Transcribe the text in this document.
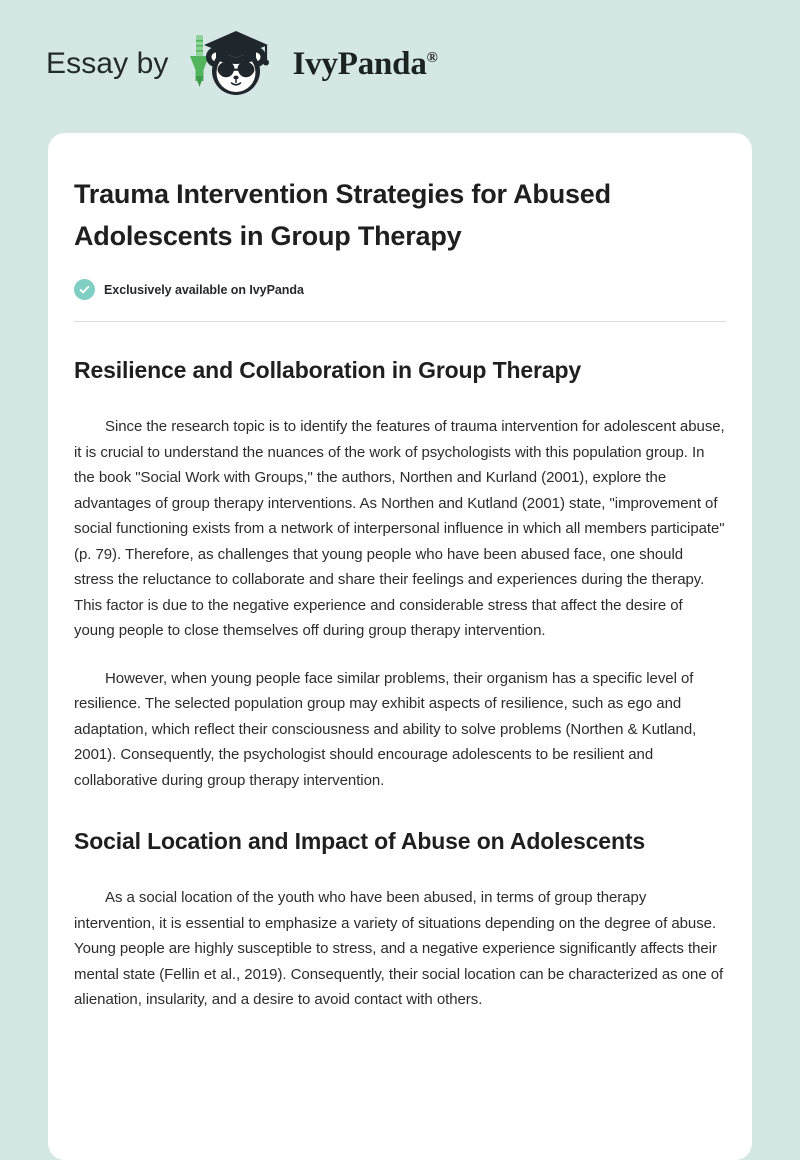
Essay by	IvyPanda®
Trauma Intervention Strategies for Abused Adolescents in Group Therapy
Exclusively available on IvyPanda
Resilience and Collaboration in Group Therapy

Since the research topic is to identify the features of trauma intervention for adolescent abuse, it is crucial to understand the nuances of the work of psychologists with this population group. In the book "Social Work with Groups," the authors, Northen and Kurland (2001), explore the advantages of group therapy interventions. As Northen and Kutland (2001) state, "improvement of social functioning exists from a network of interpersonal influence in which all members participate" (p. 79). Therefore, as challenges that young people who have been abused face, one should stress the reluctance to collaborate and share their feelings and experiences during the therapy. This factor is due to the negative experience and considerable stress that affect the desire of young people to close themselves off during group therapy intervention.

However, when young people face similar problems, their organism has a specific level of resilience. The selected population group may exhibit aspects of resilience, such as ego and adaptation, which reflect their consciousness and ability to solve problems (Northen & Kutland, 2001). Consequently, the psychologist should encourage adolescents to be resilient and collaborative during group therapy intervention.

Social Location and Impact of Abuse on Adolescents

As a social location of the youth who have been abused, in terms of group therapy intervention, it is essential to emphasize a variety of situations depending on the degree of abuse. Young people are highly susceptible to stress, and a negative experience significantly affects their mental state (Fellin et al., 2019). Consequently, their social location can be characterized as one of alienation, insularity, and a desire to avoid contact with others.
